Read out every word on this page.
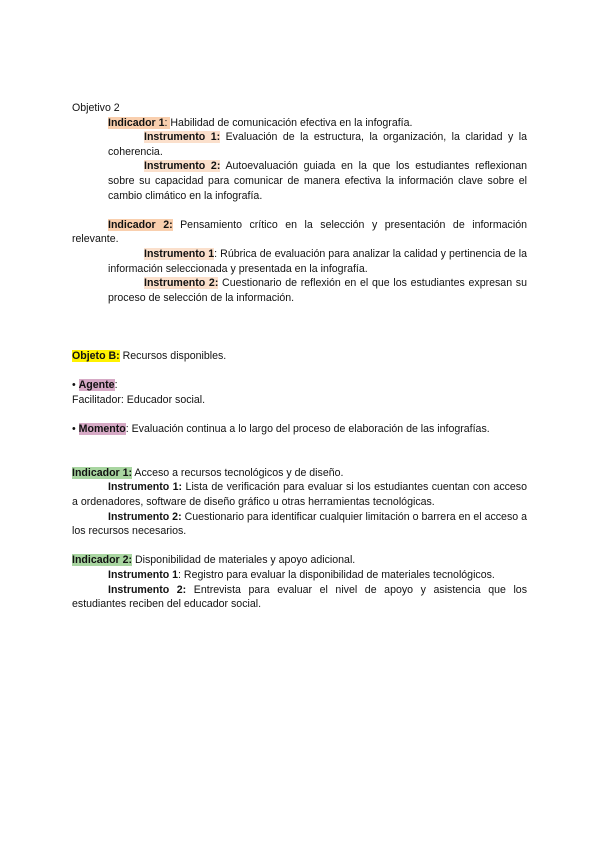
Objetivo 2

Indicador 1: Habilidad de comunicación efectiva en la infografía.

Instrumento 1: Evaluación de la estructura, la organización, la claridad y la coherencia.

Instrumento 2: Autoevaluación guiada en la que los estudiantes reflexionan sobre su capacidad para comunicar de manera efectiva la información clave sobre el cambio climático en la infografía.

Indicador 2: Pensamiento crítico en la selección y presentación de información relevante.

Instrumento 1: Rúbrica de evaluación para analizar la calidad y pertinencia de la información seleccionada y presentada en la infografía.

Instrumento 2: Cuestionario de reflexión en el que los estudiantes expresan su proceso de selección de la información.

Objeto B: Recursos disponibles.

• Agente:

Facilitador: Educador social.

• Momento: Evaluación continua a lo largo del proceso de elaboración de las infografías.

Indicador 1: Acceso a recursos tecnológicos y de diseño.

Instrumento 1: Lista de verificación para evaluar si los estudiantes cuentan con acceso a ordenadores, software de diseño gráfico u otras herramientas tecnológicas.

Instrumento 2: Cuestionario para identificar cualquier limitación o barrera en el acceso a los recursos necesarios.

Indicador 2: Disponibilidad de materiales y apoyo adicional.

Instrumento 1: Registro para evaluar la disponibilidad de materiales tecnológicos.

Instrumento 2: Entrevista para evaluar el nivel de apoyo y asistencia que los estudiantes reciben del educador social.
